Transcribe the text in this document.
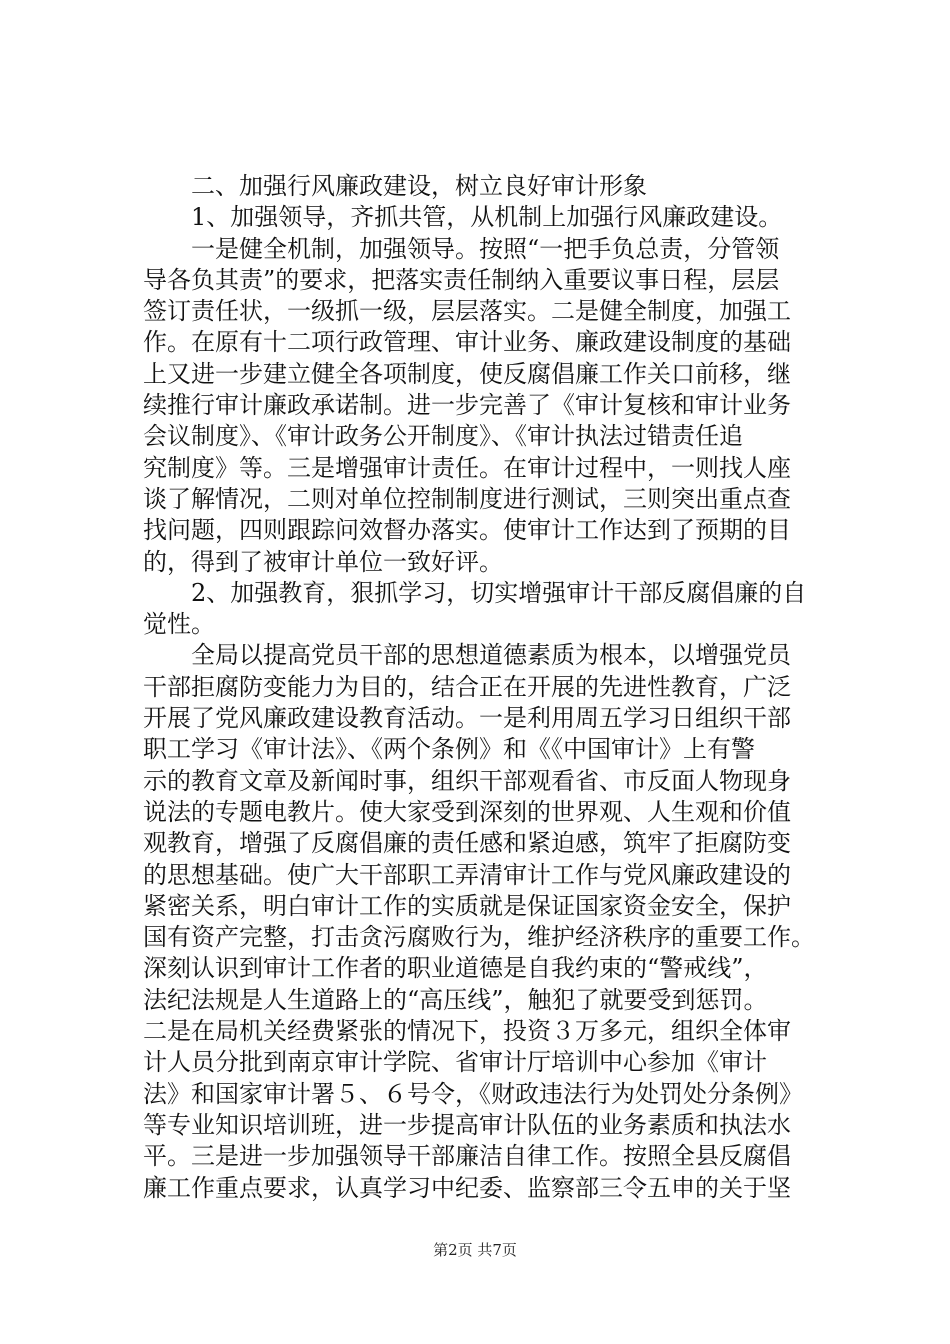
　　二、加强行风廉政建设，树立良好审计形象
　　1、加强领导，齐抓共管，从机制上加强行风廉政建设。
　　一是健全机制，加强领导。按照“一把手负总责，分管领
导各负其责”的要求，把落实责任制纳入重要议事日程，层层
签订责任状，一级抓一级，层层落实。二是健全制度，加强工
作。在原有十二项行政管理、审计业务、廉政建设制度的基础
上又进一步建立健全各项制度，使反腐倡廉工作关口前移，继
续推行审计廉政承诺制。进一步完善了《审计复核和审计业务
会议制度》、《审计政务公开制度》、《审计执法过错责任追
究制度》等。三是增强审计责任。在审计过程中，一则找人座
谈了解情况，二则对单位控制制度进行测试，三则突出重点查
找问题，四则跟踪问效督办落实。使审计工作达到了预期的目
的，得到了被审计单位一致好评。
　　2、加强教育，狠抓学习，切实增强审计干部反腐倡廉的自
觉性。
　　全局以提高党员干部的思想道德素质为根本，以增强党员
干部拒腐防变能力为目的，结合正在开展的先进性教育，广泛
开展了党风廉政建设教育活动。一是利用周五学习日组织干部
职工学习《审计法》、《两个条例》和《《中国审计》上有警
示的教育文章及新闻时事，组织干部观看省、市反面人物现身
说法的专题电教片。使大家受到深刻的世界观、人生观和价值
观教育，增强了反腐倡廉的责任感和紧迫感，筑牢了拒腐防变
的思想基础。使广大干部职工弄清审计工作与党风廉政建设的
紧密关系，明白审计工作的实质就是保证国家资金安全，保护
国有资产完整，打击贪污腐败行为，维护经济秩序的重要工作。
深刻认识到审计工作者的职业道德是自我约束的“警戒线”，
法纪法规是人生道路上的“高压线”，触犯了就要受到惩罚。
二是在局机关经费紧张的情况下，投资３万多元，组织全体审
计人员分批到南京审计学院、省审计厅培训中心参加《审计
法》和国家审计署５、６号令，《财政违法行为处罚处分条例》
等专业知识培训班，进一步提高审计队伍的业务素质和执法水
平。三是进一步加强领导干部廉洁自律工作。按照全县反腐倡
廉工作重点要求，认真学习中纪委、监察部三令五申的关于坚
第2页 共7页
